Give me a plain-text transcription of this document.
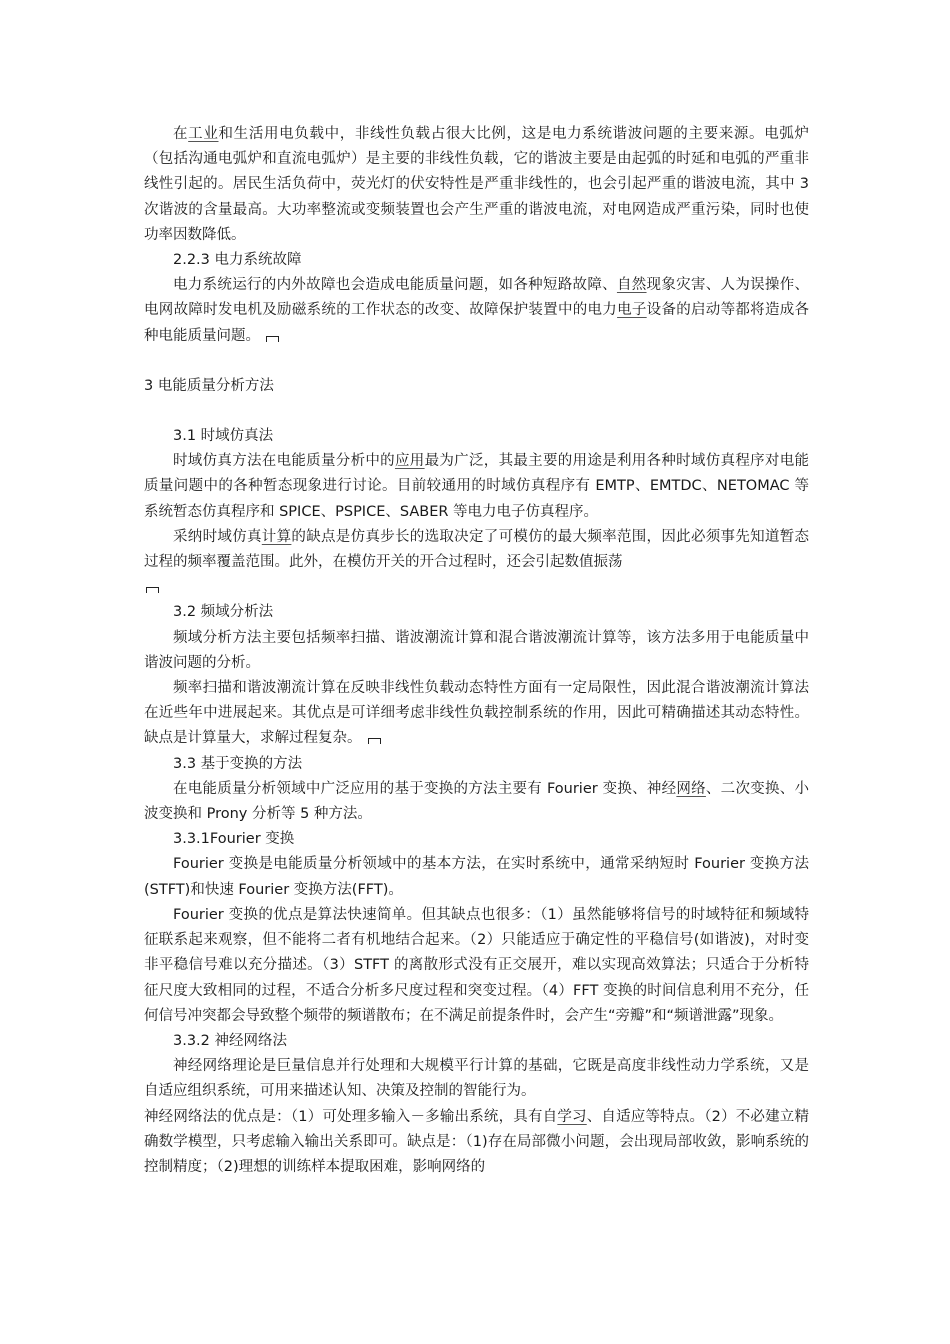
在工业和生活用电负载中，非线性负载占很大比例，这是电力系统谐波问题的主要来源。电弧炉（包括沟通电弧炉和直流电弧炉）是主要的非线性负载，它的谐波主要是由起弧的时延和电弧的严重非线性引起的。居民生活负荷中，荧光灯的伏安特性是严重非线性的，也会引起严重的谐波电流，其中 3 次谐波的含量最高。大功率整流或变频装置也会产生严重的谐波电流，对电网造成严重污染，同时也使功率因数降低。

2.2.3 电力系统故障

电力系统运行的内外故障也会造成电能质量问题，如各种短路故障、自然现象灾害、人为误操作、电网故障时发电机及励磁系统的工作状态的改变、故障保护装置中的电力电子设备的启动等都将造成各种电能质量问题。

3 电能质量分析方法

3.1 时域仿真法

时域仿真方法在电能质量分析中的应用最为广泛，其最主要的用途是利用各种时域仿真程序对电能质量问题中的各种暂态现象进行讨论。目前较通用的时域仿真程序有 EMTP、EMTDC、NETOMAC 等系统暂态仿真程序和 SPICE、PSPICE、SABER 等电力电子仿真程序。

采纳时域仿真计算的缺点是仿真步长的选取决定了可模仿的最大频率范围，因此必须事先知道暂态过程的频率覆盖范围。此外，在模仿开关的开合过程时，还会引起数值振荡

3.2 频域分析法

频域分析方法主要包括频率扫描、谐波潮流计算和混合谐波潮流计算等，该方法多用于电能质量中谐波问题的分析。

频率扫描和谐波潮流计算在反映非线性负载动态特性方面有一定局限性，因此混合谐波潮流计算法在近些年中进展起来。其优点是可详细考虑非线性负载控制系统的作用，因此可精确描述其动态特性。缺点是计算量大，求解过程复杂。

3.3 基于变换的方法

在电能质量分析领域中广泛应用的基于变换的方法主要有 Fourier 变换、神经网络、二次变换、小波变换和 Prony 分析等 5 种方法。

3.3.1Fourier 变换

Fourier 变换是电能质量分析领域中的基本方法，在实时系统中，通常采纳短时 Fourier 变换方法(STFT)和快速 Fourier 变换方法(FFT)。

Fourier 变换的优点是算法快速简单。但其缺点也很多：（1）虽然能够将信号的时域特征和频域特征联系起来观察，但不能将二者有机地结合起来。（2）只能适应于确定性的平稳信号(如谐波)，对时变非平稳信号难以充分描述。（3）STFT 的离散形式没有正交展开，难以实现高效算法；只适合于分析特征尺度大致相同的过程，不适合分析多尺度过程和突变过程。（4）FFT 变换的时间信息利用不充分，任何信号冲突都会导致整个频带的频谱散布；在不满足前提条件时，会产生“旁瓣”和“频谱泄露”现象。

3.3.2 神经网络法

神经网络理论是巨量信息并行处理和大规模平行计算的基础，它既是高度非线性动力学系统，又是自适应组织系统，可用来描述认知、决策及控制的智能行为。

神经网络法的优点是：（1）可处理多输入－多输出系统，具有自学习、自适应等特点。（2）不必建立精确数学模型，只考虑输入输出关系即可。缺点是：（1)存在局部微小问题，会出现局部收敛，影响系统的控制精度；（2)理想的训练样本提取困难，影响网络的
